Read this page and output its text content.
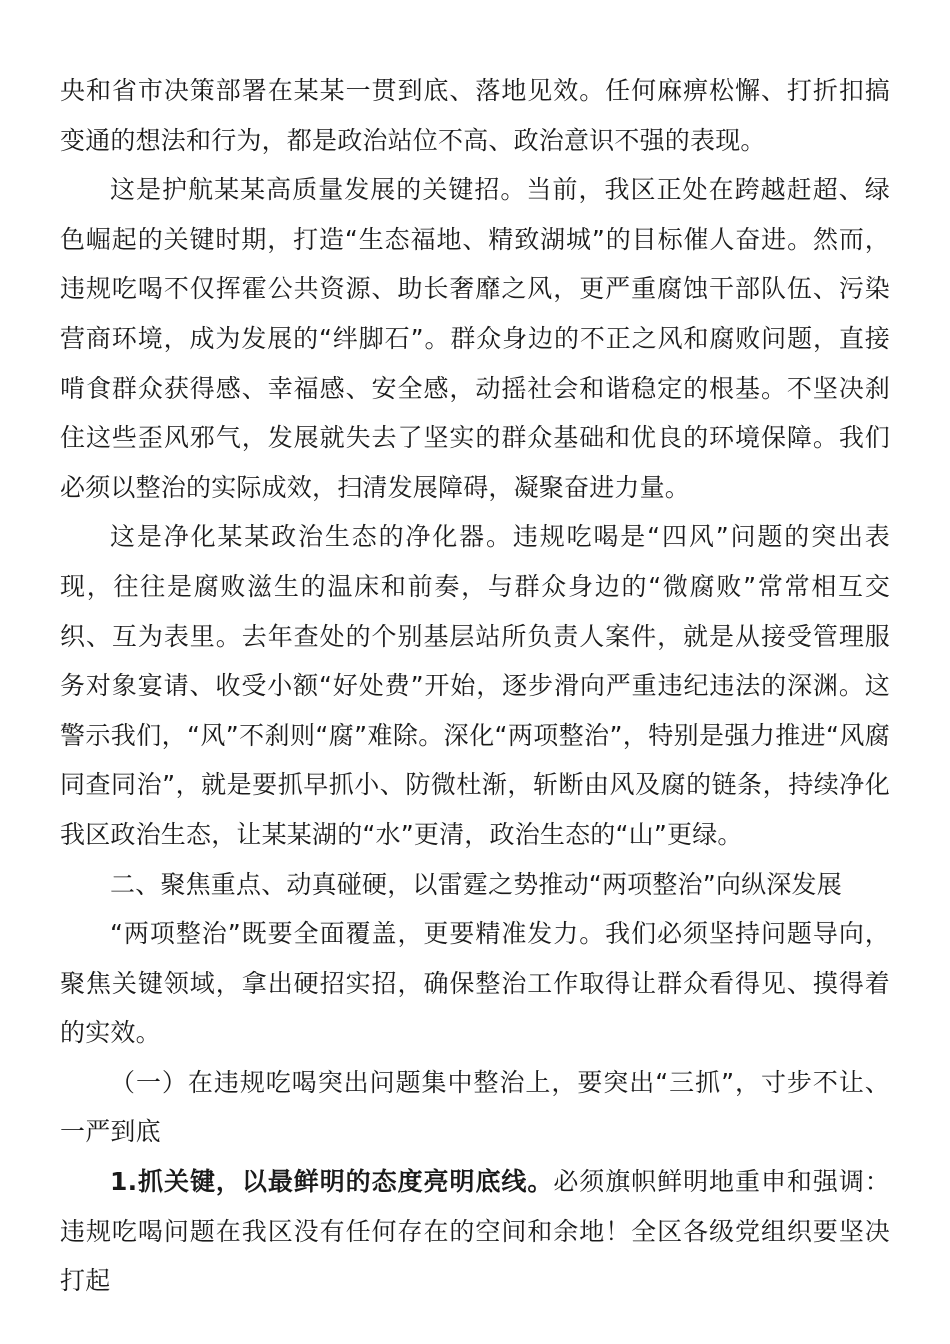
央和省市决策部署在某某一贯到底、落地见效。任何麻痹松懈、打折扣搞变通的想法和行为，都是政治站位不高、政治意识不强的表现。

这是护航某某高质量发展的关键招。当前，我区正处在跨越赶超、绿色崛起的关键时期，打造“生态福地、精致湖城”的目标催人奋进。然而，违规吃喝不仅挥霍公共资源、助长奢靡之风，更严重腐蚀干部队伍、污染营商环境，成为发展的“绊脚石”。群众身边的不正之风和腐败问题，直接啃食群众获得感、幸福感、安全感，动摇社会和谐稳定的根基。不坚决刹住这些歪风邪气，发展就失去了坚实的群众基础和优良的环境保障。我们必须以整治的实际成效，扫清发展障碍，凝聚奋进力量。

这是净化某某政治生态的净化器。违规吃喝是“四风”问题的突出表现，往往是腐败滋生的温床和前奏，与群众身边的“微腐败”常常相互交织、互为表里。去年查处的个别基层站所负责人案件，就是从接受管理服务对象宴请、收受小额“好处费”开始，逐步滑向严重违纪违法的深渊。这警示我们，“风”不刹则“腐”难除。深化“两项整治”，特别是强力推进“风腐同查同治”，就是要抓早抓小、防微杜渐，斩断由风及腐的链条，持续净化我区政治生态，让某某湖的“水”更清，政治生态的“山”更绿。

二、聚焦重点、动真碰硬，以雷霆之势推动“两项整治”向纵深发展

“两项整治”既要全面覆盖，更要精准发力。我们必须坚持问题导向，聚焦关键领域，拿出硬招实招，确保整治工作取得让群众看得见、摸得着的实效。

（一）在违规吃喝突出问题集中整治上，要突出“三抓”，寸步不让、一严到底

1.抓关键，以最鲜明的态度亮明底线。必须旗帜鲜明地重申和强调：违规吃喝问题在我区没有任何存在的空间和余地！全区各级党组织要坚决打起
